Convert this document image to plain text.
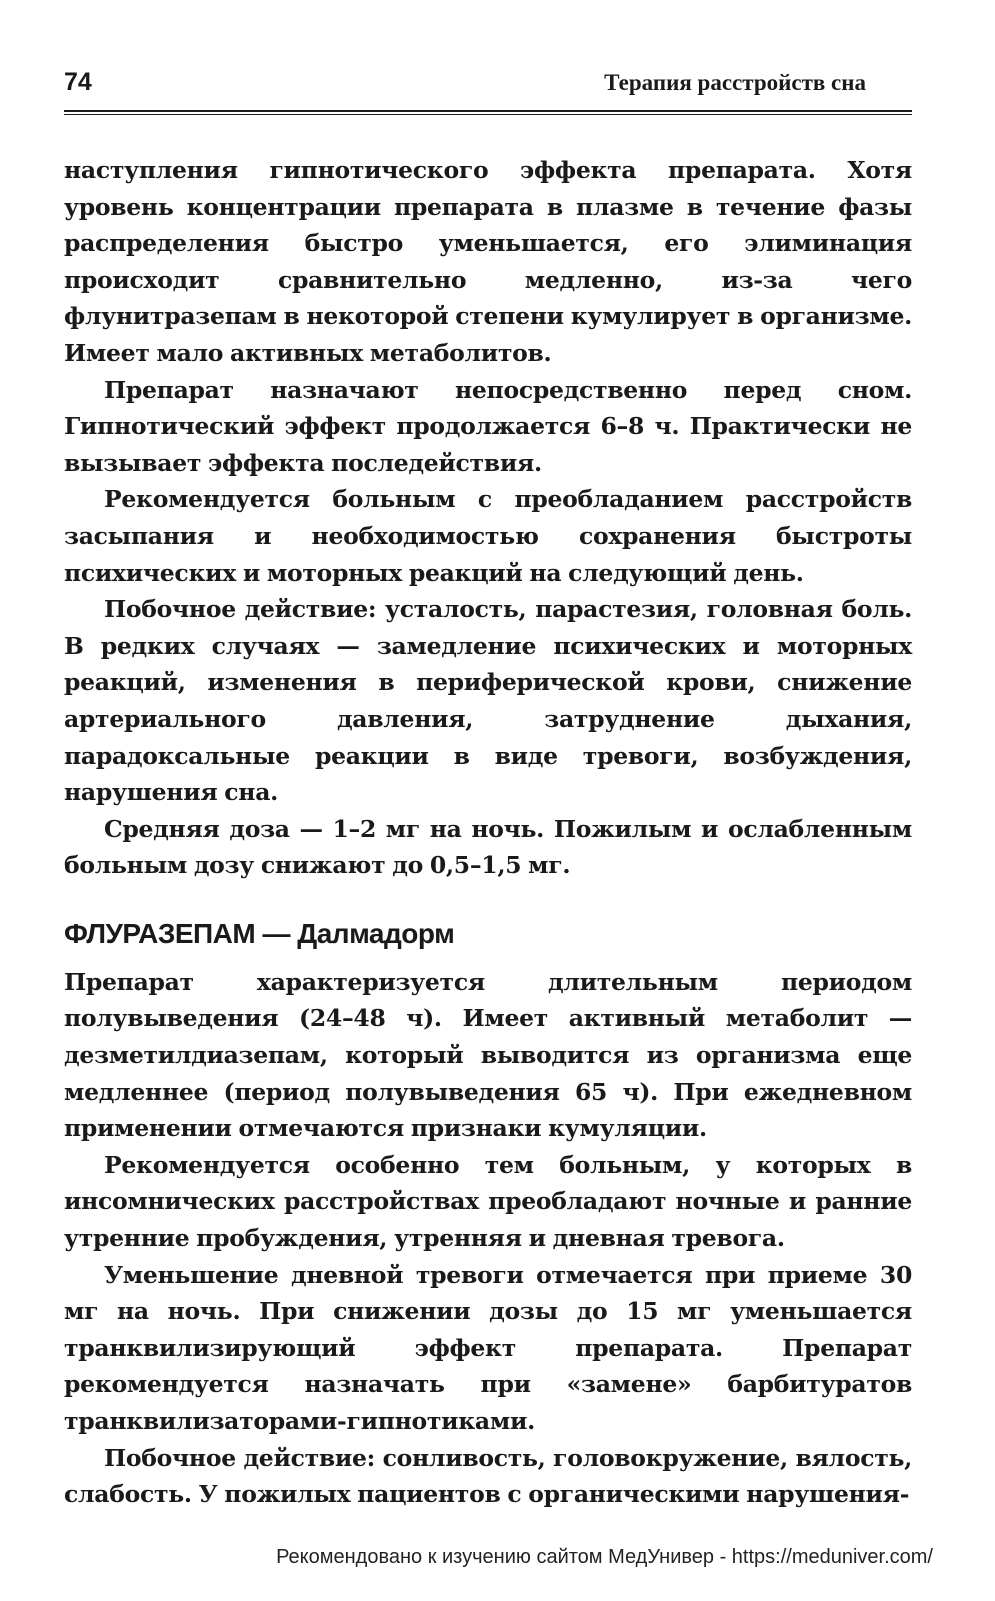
74	Терапия расстройств сна

наступления гипнотического эффекта препарата. Хотя уровень концентрации препарата в плазме в течение фазы распределения быстро уменьшается, его элиминация происходит сравнительно медленно, из-за чего флунитразепам в некоторой степени кумулирует в организме. Имеет мало активных метаболитов.

Препарат назначают непосредственно перед сном. Гипнотический эффект продолжается 6–8 ч. Практически не вызывает эффекта последействия.

Рекомендуется больным с преобладанием расстройств засыпания и необходимостью сохранения быстроты психических и моторных реакций на следующий день.

Побочное действие: усталость, парастезия, головная боль. В редких случаях — замедление психических и моторных реакций, изменения в периферической крови, снижение артериального давления, затруднение дыхания, парадоксальные реакции в виде тревоги, возбуждения, нарушения сна.

Средняя доза — 1–2 мг на ночь. Пожилым и ослабленным больным дозу снижают до 0,5–1,5 мг.

ФЛУРАЗЕПАМ — Далмадорм

Препарат характеризуется длительным периодом полувыведения (24–48 ч). Имеет активный метаболит — дезметилдиазепам, который выводится из организма еще медленнее (период полувыведения 65 ч). При ежедневном применении отмечаются признаки кумуляции.

Рекомендуется особенно тем больным, у которых в инсомнических расстройствах преобладают ночные и ранние утренние пробуждения, утренняя и дневная тревога.

Уменьшение дневной тревоги отмечается при приеме 30 мг на ночь. При снижении дозы до 15 мг уменьшается транквилизирующий эффект препарата. Препарат рекомендуется назначать при «замене» барбитуратов транквилизаторами-гипнотиками.

Побочное действие: сонливость, головокружение, вялость, слабость. У пожилых пациентов с органическими нарушения-

Рекомендовано к изучению сайтом МедУнивер - https://meduniver.com/
